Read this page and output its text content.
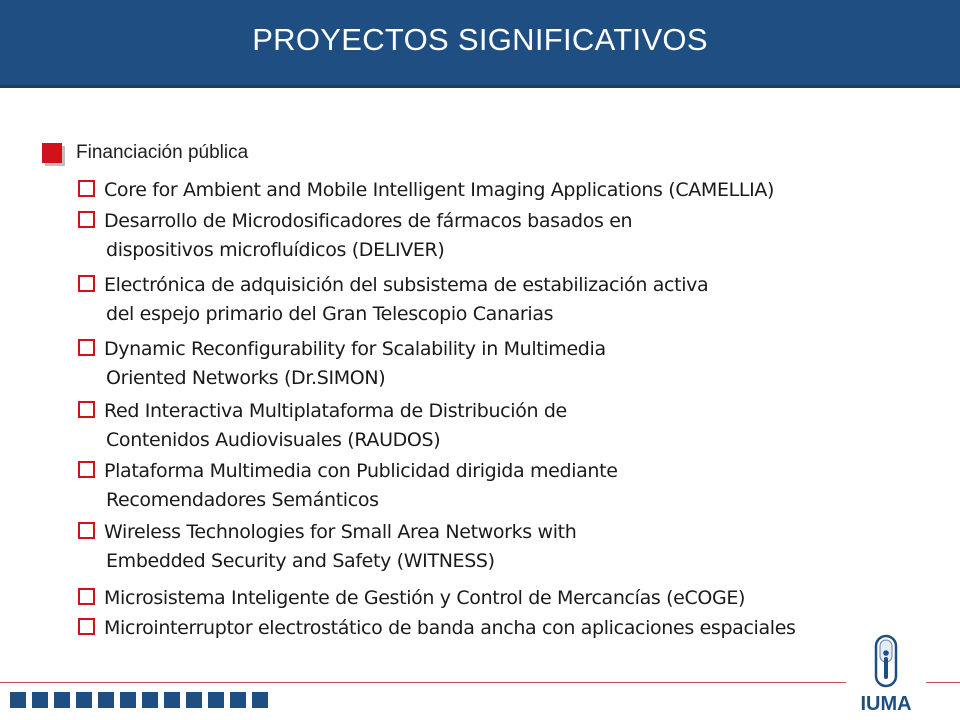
PROYECTOS SIGNIFICATIVOS
Financiación pública
Core for Ambient and Mobile Intelligent Imaging Applications (CAMELLIA)
Desarrollo de Microdosificadores de fármacos basados en
dispositivos microfluídicos (DELIVER)
Electrónica de adquisición del subsistema de estabilización activa
del espejo primario del Gran Telescopio Canarias
Dynamic Reconfigurability for Scalability in Multimedia
Oriented Networks (Dr.SIMON)
Red Interactiva Multiplataforma de Distribución de
Contenidos Audiovisuales (RAUDOS)
Plataforma Multimedia con Publicidad dirigida mediante
Recomendadores Semánticos
Wireless Technologies for Small Area Networks with
Embedded Security and Safety (WITNESS)
Microsistema Inteligente de Gestión y Control de Mercancías (eCOGE)
Microinterruptor electrostático de banda ancha con aplicaciones espaciales
IUMA
